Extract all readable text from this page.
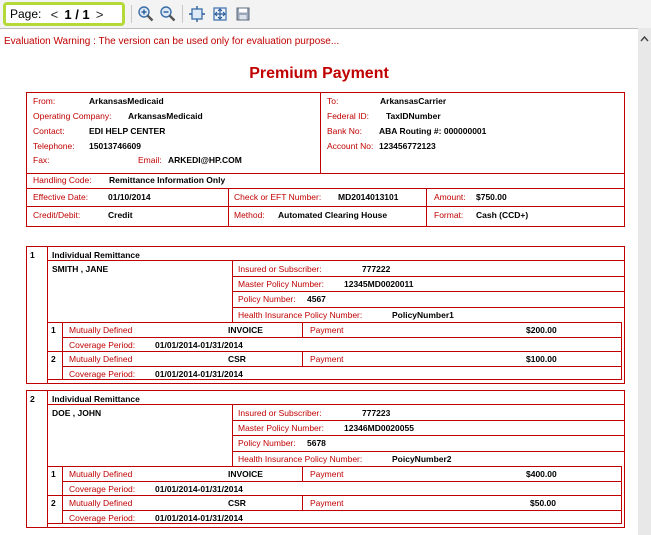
Page: < 1 / 1 >
Evaluation Warning : The version can be used only for evaluation purpose...
Premium Payment
From:	ArkansasMedicaid
Operating Company: ArkansasMedicaid
Contact:	EDI HELP CENTER
Telephone: 15013746609
Fax:	Email: ARKEDI@HP.COM
To:	ArkansasCarrier
Federal ID: TaxIDNumber
Bank No: ABA Routing #: 000000001
Account No: 123456772123
Handling Code: Remittance Information Only
Effective Date: 01/10/2014	Check or EFT Number: MD2014013101	Amount: $750.00
Credit/Debit:	Credit	Method: Automated Clearing House	Format: Cash (CCD+)
1 Individual Remittance
SMITH , JANE	Insured or Subscriber:	777222
Master Policy Number: 12345MD0020011
Policy Number: 4567
Health Insurance Policy Number:	PolicyNumber1
1 Mutually Defined	INVOICE	Payment	$200.00
Coverage Period: 01/01/2014-01/31/2014
2 Mutually Defined	CSR	Payment	$100.00
Coverage Period: 01/01/2014-01/31/2014
2 Individual Remittance
DOE , JOHN	Insured or Subscriber:	777223
Master Policy Number: 12346MD0020055
Policy Number: 5678
Health Insurance Policy Number:	PoicyNumber2
1 Mutually Defined	INVOICE	Payment	$400.00
Coverage Period: 01/01/2014-01/31/2014
2 Mutually Defined	CSR	Payment	$50.00
Coverage Period: 01/01/2014-01/31/2014
